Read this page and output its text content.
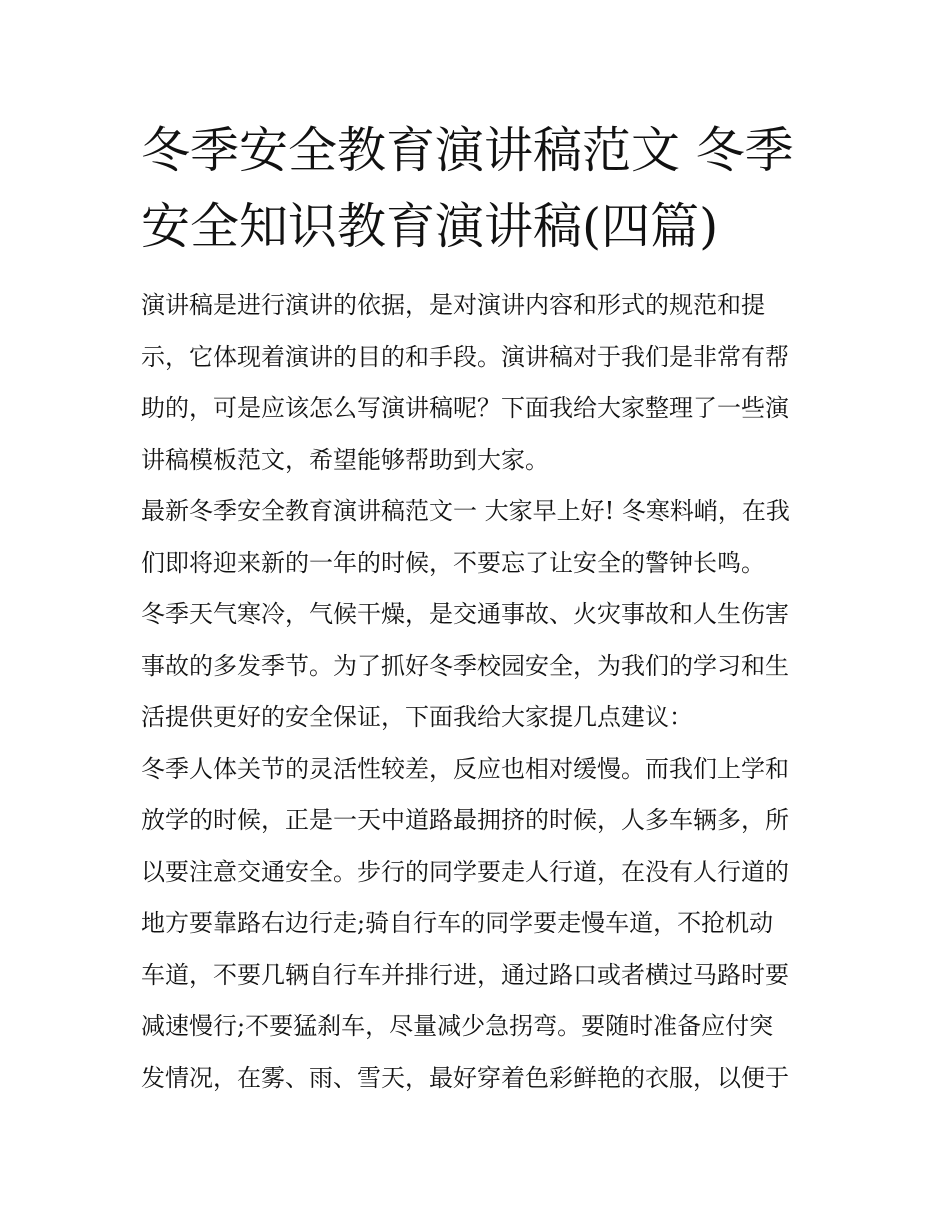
冬季安全教育演讲稿范文 冬季
安全知识教育演讲稿(四篇)
演讲稿是进行演讲的依据，是对演讲内容和形式的规范和提
示，它体现着演讲的目的和手段。演讲稿对于我们是非常有帮
助的，可是应该怎么写演讲稿呢？下面我给大家整理了一些演
讲稿模板范文，希望能够帮助到大家。
最新冬季安全教育演讲稿范文一 大家早上好! 冬寒料峭，在我
们即将迎来新的一年的时候，不要忘了让安全的警钟长鸣。
冬季天气寒冷，气候干燥，是交通事故、火灾事故和人生伤害
事故的多发季节。为了抓好冬季校园安全，为我们的学习和生
活提供更好的安全保证，下面我给大家提几点建议：
冬季人体关节的灵活性较差，反应也相对缓慢。而我们上学和
放学的时候，正是一天中道路最拥挤的时候，人多车辆多，所
以要注意交通安全。步行的同学要走人行道，在没有人行道的
地方要靠路右边行走;骑自行车的同学要走慢车道，不抢机动
车道，不要几辆自行车并排行进，通过路口或者横过马路时要
减速慢行;不要猛刹车，尽量减少急拐弯。要随时准备应付突
发情况，在雾、雨、雪天，最好穿着色彩鲜艳的衣服，以便于
